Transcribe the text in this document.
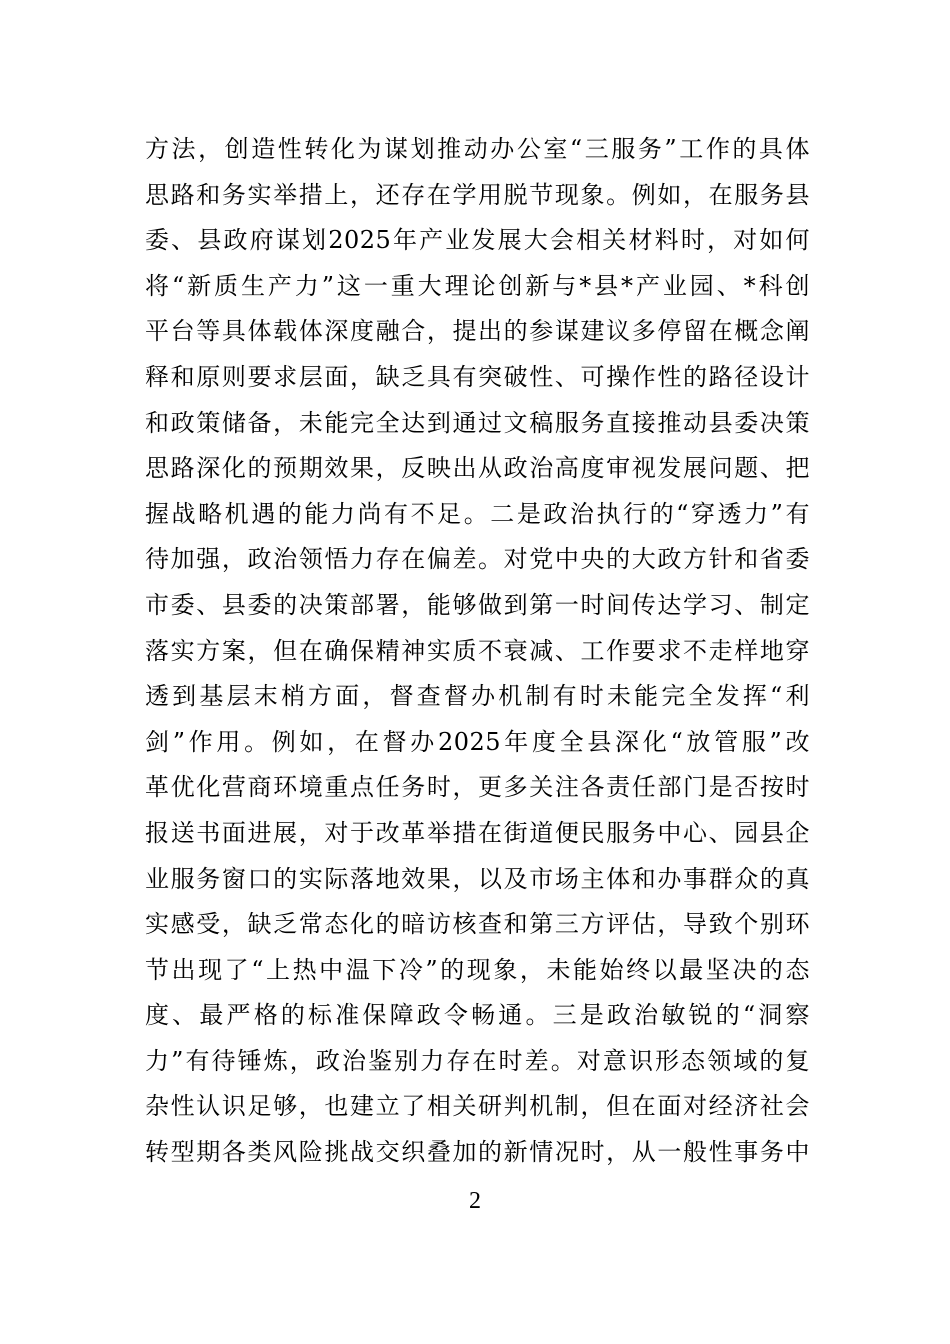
方法，创造性转化为谋划推动办公室“三服务”工作的具体
思路和务实举措上，还存在学用脱节现象。例如，在服务县
委、县政府谋划2025年产业发展大会相关材料时，对如何
将“新质生产力”这一重大理论创新与*县*产业园、*科创
平台等具体载体深度融合，提出的参谋建议多停留在概念阐
释和原则要求层面，缺乏具有突破性、可操作性的路径设计
和政策储备，未能完全达到通过文稿服务直接推动县委决策
思路深化的预期效果，反映出从政治高度审视发展问题、把
握战略机遇的能力尚有不足。二是政治执行的“穿透力”有
待加强，政治领悟力存在偏差。对党中央的大政方针和省委
市委、县委的决策部署，能够做到第一时间传达学习、制定
落实方案，但在确保精神实质不衰减、工作要求不走样地穿
透到基层末梢方面，督查督办机制有时未能完全发挥“利
剑”作用。例如，在督办2025年度全县深化“放管服”改
革优化营商环境重点任务时，更多关注各责任部门是否按时
报送书面进展，对于改革举措在街道便民服务中心、园县企
业服务窗口的实际落地效果，以及市场主体和办事群众的真
实感受，缺乏常态化的暗访核查和第三方评估，导致个别环
节出现了“上热中温下冷”的现象，未能始终以最坚决的态
度、最严格的标准保障政令畅通。三是政治敏锐的“洞察
力”有待锤炼，政治鉴别力存在时差。对意识形态领域的复
杂性认识足够，也建立了相关研判机制，但在面对经济社会
转型期各类风险挑战交织叠加的新情况时，从一般性事务中
2
